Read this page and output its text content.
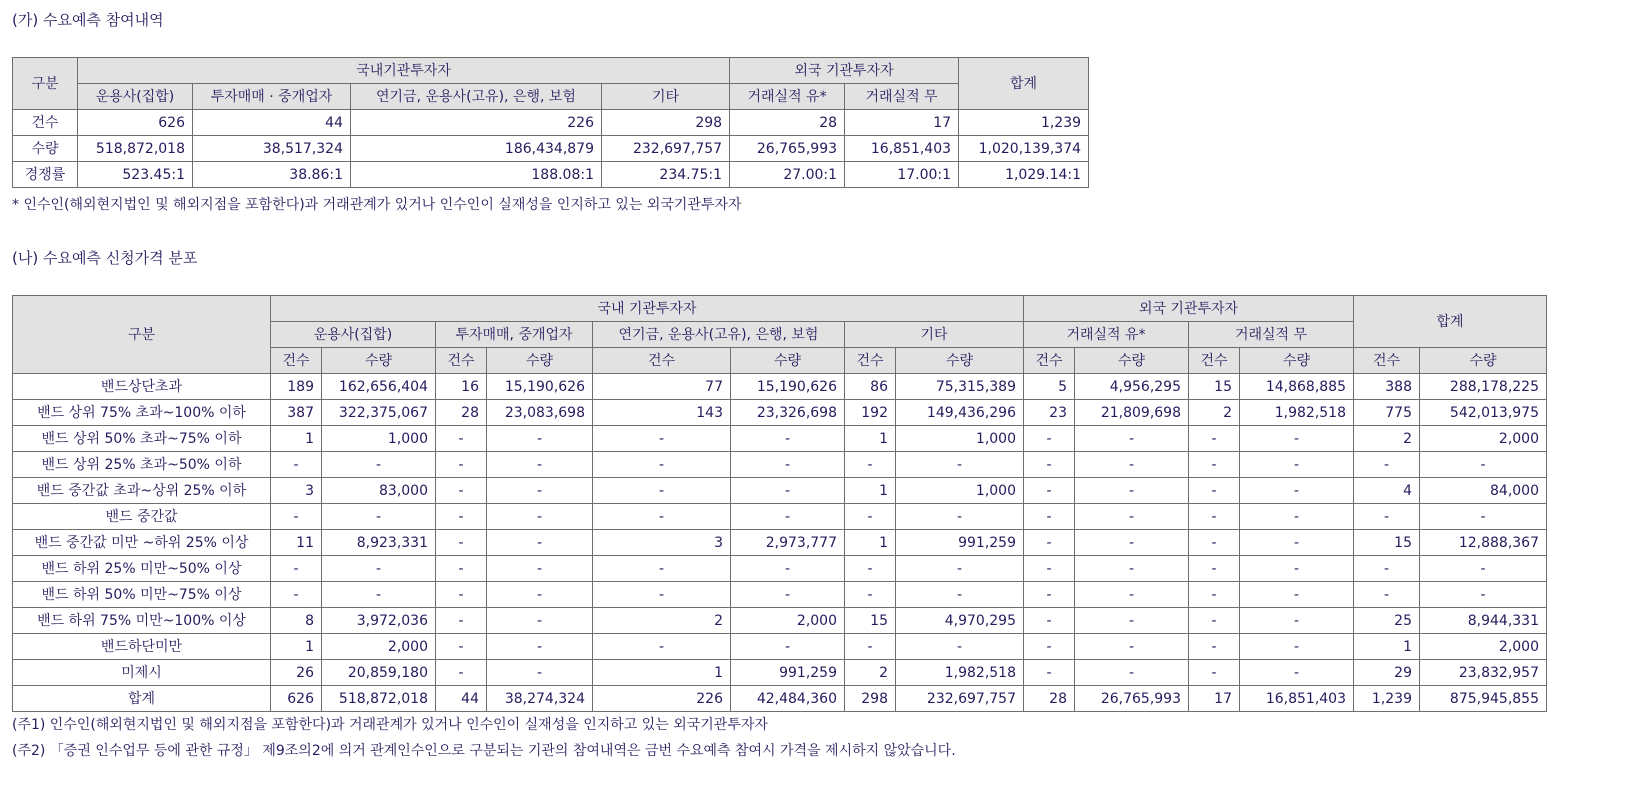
(가) 수요예측 참여내역
구분	국내기관투자자				외국 기관투자자		합계
	운용사(집합)	투자매매 · 중개업자	연기금, 운용사(고유), 은행, 보험	기타	거래실적 유*	거래실적 무	
건수	626	44	226	298	28	17	1,239
수량	518,872,018	38,517,324	186,434,879	232,697,757	26,765,993	16,851,403	1,020,139,374
경쟁률	523.45:1	38.86:1	188.08:1	234.75:1	27.00:1	17.00:1	1,029.14:1
* 인수인(해외현지법인 및 해외지점을 포함한다)과 거래관계가 있거나 인수인이 실재성을 인지하고 있는 외국기관투자자
(나) 수요예측 신청가격 분포
구분	국내 기관투자자								외국 기관투자자				합계	
	운용사(집합)		투자매매, 중개업자		연기금, 운용사(고유), 은행, 보험		기타		거래실적 유*		거래실적 무			
	건수	수량	건수	수량	건수	수량	건수	수량	건수	수량	건수	수량	건수	수량
밴드상단초과	189	162,656,404	16	15,190,626	77	15,190,626	86	75,315,389	5	4,956,295	15	14,868,885	388	288,178,225
밴드 상위 75% 초과~100% 이하	387	322,375,067	28	23,083,698	143	23,326,698	192	149,436,296	23	21,809,698	2	1,982,518	775	542,013,975
밴드 상위 50% 초과~75% 이하	1	1,000	-	-	-	-	1	1,000	-	-	-	-	2	2,000
밴드 상위 25% 초과~50% 이하	-	-	-	-	-	-	-	-	-	-	-	-	-	-
밴드 중간값 초과~상위 25% 이하	3	83,000	-	-	-	-	1	1,000	-	-	-	-	4	84,000
밴드 중간값	-	-	-	-	-	-	-	-	-	-	-	-	-	-
밴드 중간값 미만 ~하위 25% 이상	11	8,923,331	-	-	3	2,973,777	1	991,259	-	-	-	-	15	12,888,367
밴드 하위 25% 미만~50% 이상	-	-	-	-	-	-	-	-	-	-	-	-	-	-
밴드 하위 50% 미만~75% 이상	-	-	-	-	-	-	-	-	-	-	-	-	-	-
밴드 하위 75% 미만~100% 이상	8	3,972,036	-	-	2	2,000	15	4,970,295	-	-	-	-	25	8,944,331
밴드하단미만	1	2,000	-	-	-	-	-	-	-	-	-	-	1	2,000
미제시	26	20,859,180	-	-	1	991,259	2	1,982,518	-	-	-	-	29	23,832,957
합계	626	518,872,018	44	38,274,324	226	42,484,360	298	232,697,757	28	26,765,993	17	16,851,403	1,239	875,945,855
(주1) 인수인(해외현지법인 및 해외지점을 포함한다)과 거래관계가 있거나 인수인이 실재성을 인지하고 있는 외국기관투자자
(주2) 「증권 인수업무 등에 관한 규정」 제9조의2에 의거 관계인수인으로 구분되는 기관의 참여내역은 금번 수요예측 참여시 가격을 제시하지 않았습니다.
